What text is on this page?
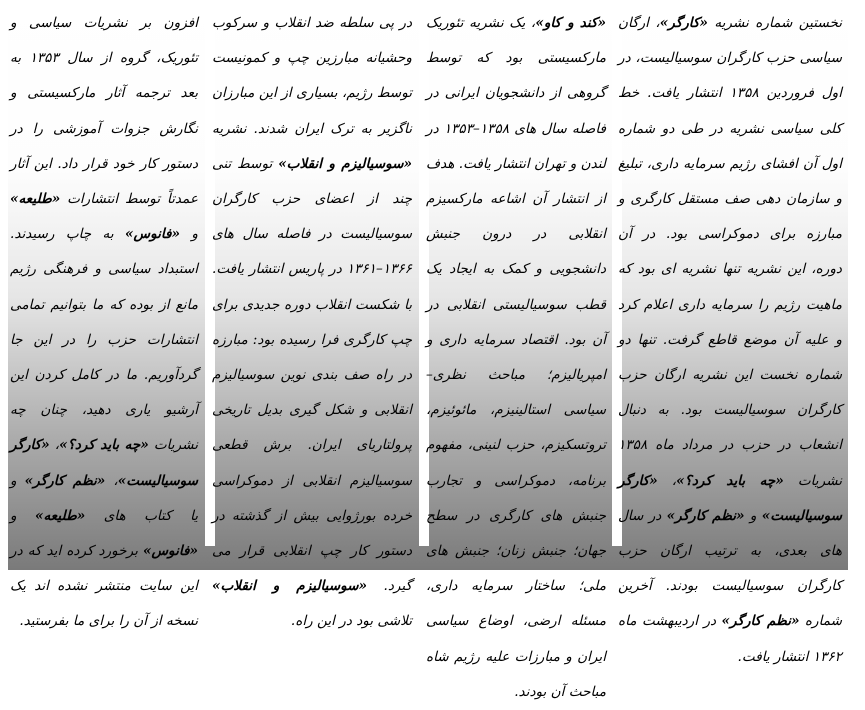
نخستین شماره نشریه «کارگر»، ارگان سیاسی حزب کارگران سوسیالیست، در اول فروردین ۱۳۵۸ انتشار یافت. خط کلی سیاسی نشریه در طی دو شماره اول آن افشای رژیم سرمایه داری، تبلیغ و سازمان دهی صف مستقل کارگری و مبارزه برای دموکراسی بود. در آن دوره، این نشریه تنها نشریه ای بود که ماهیت رژیم را سرمایه داری اعلام کرد و علیه آن موضع قاطع گرفت. تنها دو شماره نخست این نشریه ارگان حزب کارگران سوسیالیست بود. به دنبال انشعاب در حزب در مرداد ماه ۱۳۵۸ نشریات «چه باید کرد؟»، «کارگر سوسیالیست» و «نظم کارگر» در سال های بعدی، به ترتیب ارگان حزب کارگران سوسیالیست بودند. آخرین شماره «نظم کارگر» در اردیبهشت ماه ۱۳۶۲ انتشار یافت.
«کند و کاو»، یک نشریه تئوریک مارکسیستی بود که توسط گروهی از دانشجویان ایرانی در فاصله سال های ۱۳۵۸–۱۳۵۳ در لندن و تهران انتشار یافت. هدف از انتشار آن اشاعه مارکسیزم انقلابی در درون جنبش دانشجویی و کمک به ایجاد یک قطب سوسیالیستی انقلابی در آن بود. اقتصاد سرمایه داری و امپریالیزم؛ مباحث نظری–سیاسی استالینیزم، مائوئیزم، تروتسکیزم، حزب لنینی، مفهوم برنامه، دموکراسی و تجارب جنبش های کارگری در سطح جهان؛ جنبش زنان؛ جنبش های ملی؛ ساختار سرمایه داری، مسئله ارضی، اوضاع سیاسی ایران و مبارزات علیه رژیم شاه مباحث آن بودند.
در پی سلطه ضد انقلاب و سرکوب وحشیانه مبارزین چپ و کمونیست توسط رژیم، بسیاری از این مبارزان ناگزیر به ترک ایران شدند. نشریه «سوسیالیزم و انقلاب» توسط تنی چند از اعضای حزب کارگران سوسیالیست در فاصله سال های ۱۳۶۶–۱۳۶۱ در پاریس انتشار یافت. با شکست انقلاب دوره جدیدی برای چپ کارگری فرا رسیده بود: مبارزه در راه صف بندی نوین سوسیالیزم انقلابی و شکل گیری بدیل تاریخی پرولتاریای ایران. برش قطعی سوسیالیزم انقلابی از دموکراسی خرده بورژوایی بیش از گذشته در دستور کار چپ انقلابی قرار می گیرد. «سوسیالیزم و انقلاب» تلاشی بود در این راه.
افزون بر نشریات سیاسی و تئوریک، گروه از سال ۱۳۵۳ به بعد ترجمه آثار مارکسیستی و نگارش جزوات آموزشی را در دستور کار خود قرار داد. این آثار عمدتاً توسط انتشارات «طلیعه» و «فانوس» به چاپ رسیدند. استبداد سیاسی و فرهنگی رژیم مانع از بوده که ما بتوانیم تمامی انتشارات حزب را در این جا گردآوریم. ما در کامل کردن این آرشیو یاری دهید، چنان چه نشریات «چه باید کرد؟»، «کارگر سوسیالیست»، «نظم کارگر» و یا کتاب های «طلیعه» و «فانوس» برخورد کرده اید که در این سایت منتشر نشده اند یک نسخه از آن را برای ما بفرستید.
